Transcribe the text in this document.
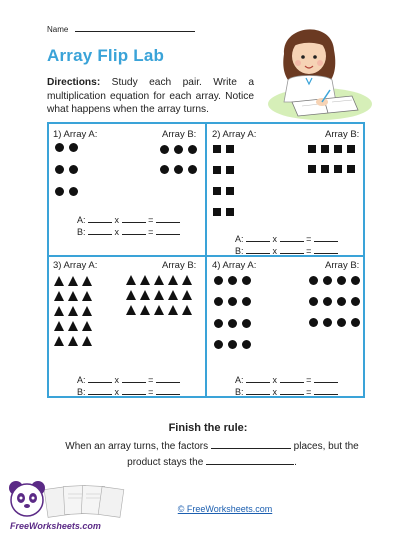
Name
Array Flip Lab
Directions: Study each pair. Write a multiplication equation for each array. Notice what happens when the array turns.
1) Array A:	Array B:
A:	x	=
B:	x	=
2) Array A:	Array B:
A:	x	=
B:	x	=
3) Array A:	Array B:
A:	x	=
B:	x	=
4) Array A:	Array B:
A:	x	=
B:	x	=
Finish the rule:
When an array turns, the factors	places, but the
product stays the	.
FreeWorksheets.com
© FreeWorksheets.com
